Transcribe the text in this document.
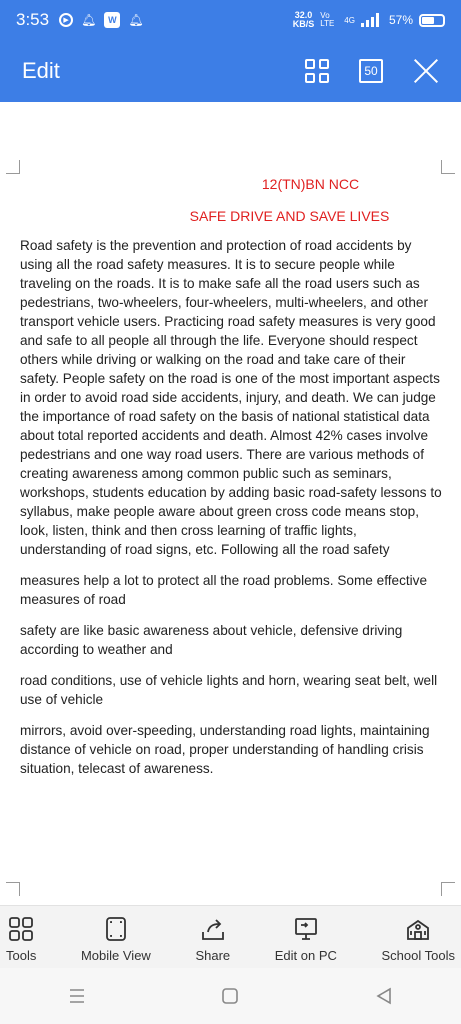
3:53	▶	🔔︎	W 🔔︎	32.0
KB/S
Vo LTE	4G	57%
Edit	50
12(TN)BN NCC
SAFE DRIVE AND SAVE LIVES

Road safety is the prevention and protection of road accidents by using all the road safety measures. It is to secure people while traveling on the roads. It is to make safe all the road users such as pedestrians, two-wheelers, four-wheelers, multi-wheelers, and other transport vehicle users. Practicing road safety measures is very good and safe to all people all through the life. Everyone should respect others while driving or walking on the road and take care of their safety. People safety on the road is one of the most important aspects in order to avoid road side accidents, injury, and death. We can judge the importance of road safety on the basis of national statistical data about total reported accidents and death. Almost 42% cases involve pedestrians and one way road users. There are various methods of creating awareness among common public such as seminars, workshops, students education by adding basic road-safety lessons to syllabus, make people aware about green cross code means stop, look, listen, think and then cross learning of traffic lights, understanding of road signs, etc. Following all the road safety

measures help a lot to protect all the road problems. Some effective measures of road

safety are like basic awareness about vehicle, defensive driving according to weather and

road conditions, use of vehicle lights and horn, wearing seat belt, well use of vehicle

mirrors, avoid over-speeding, understanding road lights, maintaining distance of vehicle on road, proper understanding of handling crisis situation, telecast of awareness.

Tools	Mobile View	Share	Edit on PC	School Tools
